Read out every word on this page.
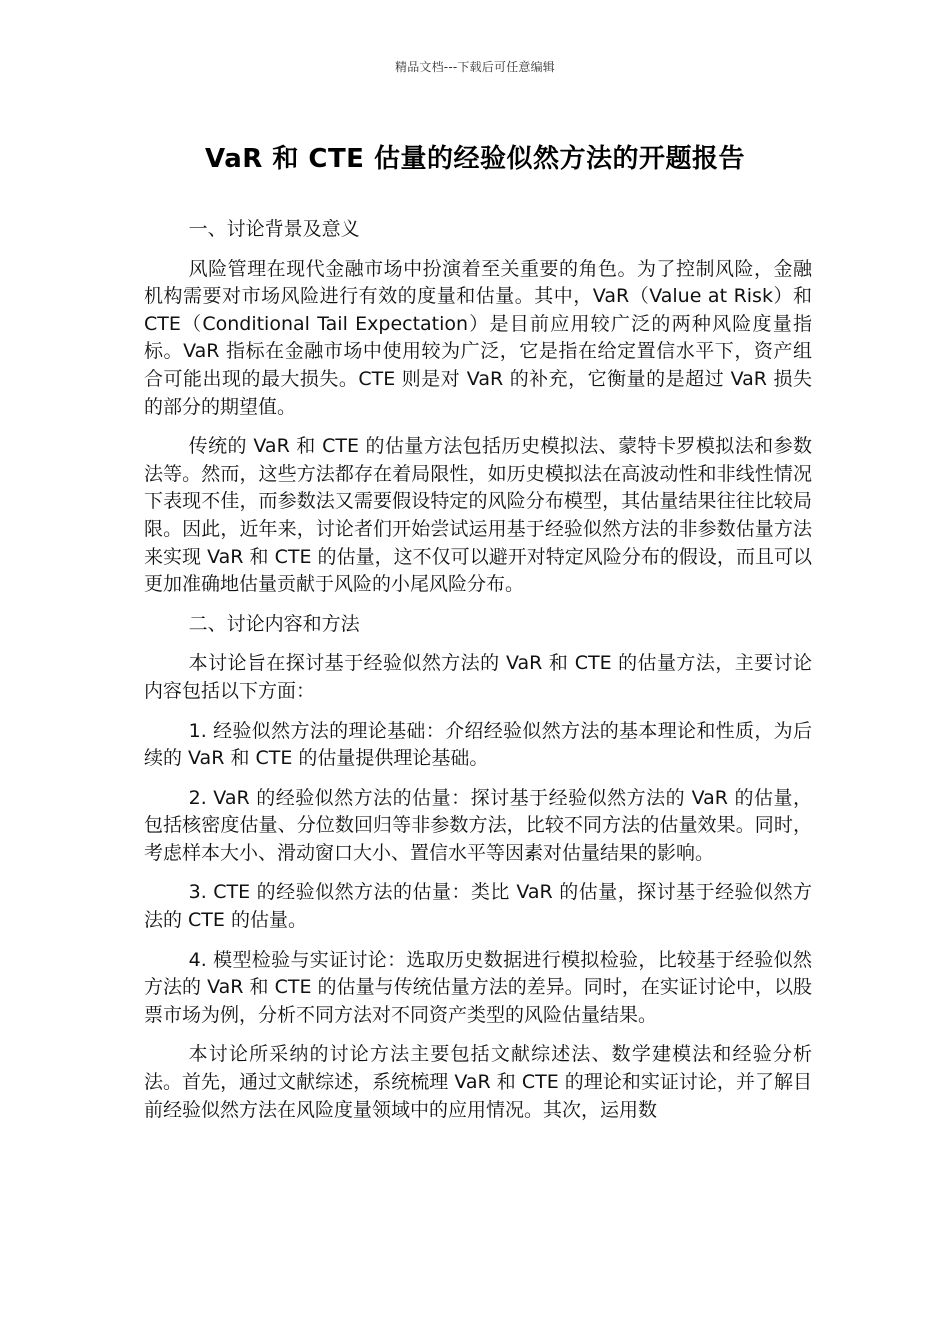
精品文档---下载后可任意编辑
VaR 和 CTE 估量的经验似然方法的开题报告

一、讨论背景及意义

风险管理在现代金融市场中扮演着至关重要的角色。为了控制风险，金融机构需要对市场风险进行有效的度量和估量。其中，VaR（Value at Risk）和 CTE（Conditional Tail Expectation）是目前应用较广泛的两种风险度量指标。VaR 指标在金融市场中使用较为广泛，它是指在给定置信水平下，资产组合可能出现的最大损失。CTE 则是对 VaR 的补充，它衡量的是超过 VaR 损失的部分的期望值。

传统的 VaR 和 CTE 的估量方法包括历史模拟法、蒙特卡罗模拟法和参数法等。然而，这些方法都存在着局限性，如历史模拟法在高波动性和非线性情况下表现不佳，而参数法又需要假设特定的风险分布模型，其估量结果往往比较局限。因此，近年来，讨论者们开始尝试运用基于经验似然方法的非参数估量方法来实现 VaR 和 CTE 的估量，这不仅可以避开对特定风险分布的假设，而且可以更加准确地估量贡献于风险的小尾风险分布。

二、讨论内容和方法

本讨论旨在探讨基于经验似然方法的 VaR 和 CTE 的估量方法，主要讨论内容包括以下方面：

1. 经验似然方法的理论基础：介绍经验似然方法的基本理论和性质，为后续的 VaR 和 CTE 的估量提供理论基础。

2. VaR 的经验似然方法的估量：探讨基于经验似然方法的 VaR 的估量，包括核密度估量、分位数回归等非参数方法，比较不同方法的估量效果。同时，考虑样本大小、滑动窗口大小、置信水平等因素对估量结果的影响。

3. CTE 的经验似然方法的估量：类比 VaR 的估量，探讨基于经验似然方法的 CTE 的估量。

4. 模型检验与实证讨论：选取历史数据进行模拟检验，比较基于经验似然方法的 VaR 和 CTE 的估量与传统估量方法的差异。同时，在实证讨论中，以股票市场为例，分析不同方法对不同资产类型的风险估量结果。

本讨论所采纳的讨论方法主要包括文献综述法、数学建模法和经验分析法。首先，通过文献综述，系统梳理 VaR 和 CTE 的理论和实证讨论，并了解目前经验似然方法在风险度量领域中的应用情况。其次，运用数
